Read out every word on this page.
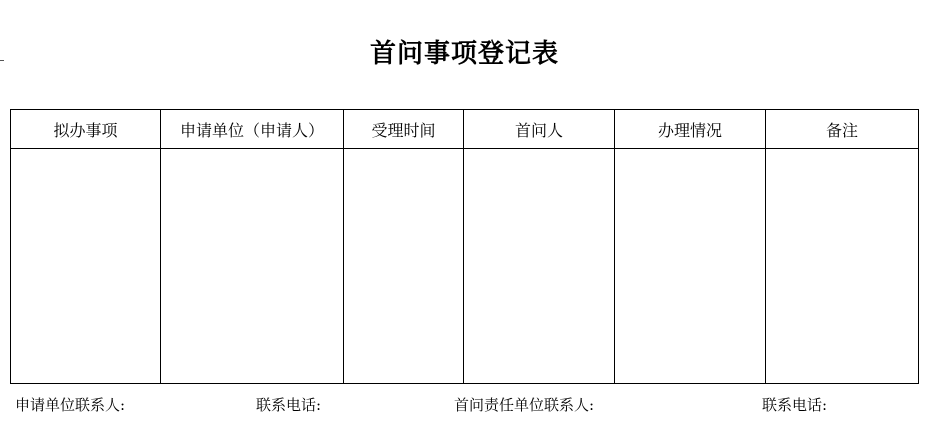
首问事项登记表
拟办事项	申请单位（申请人）	受理时间	首问人	办理情况	备注

申请单位联系人:	联系电话:	首问责任单位联系人:	联系电话:
